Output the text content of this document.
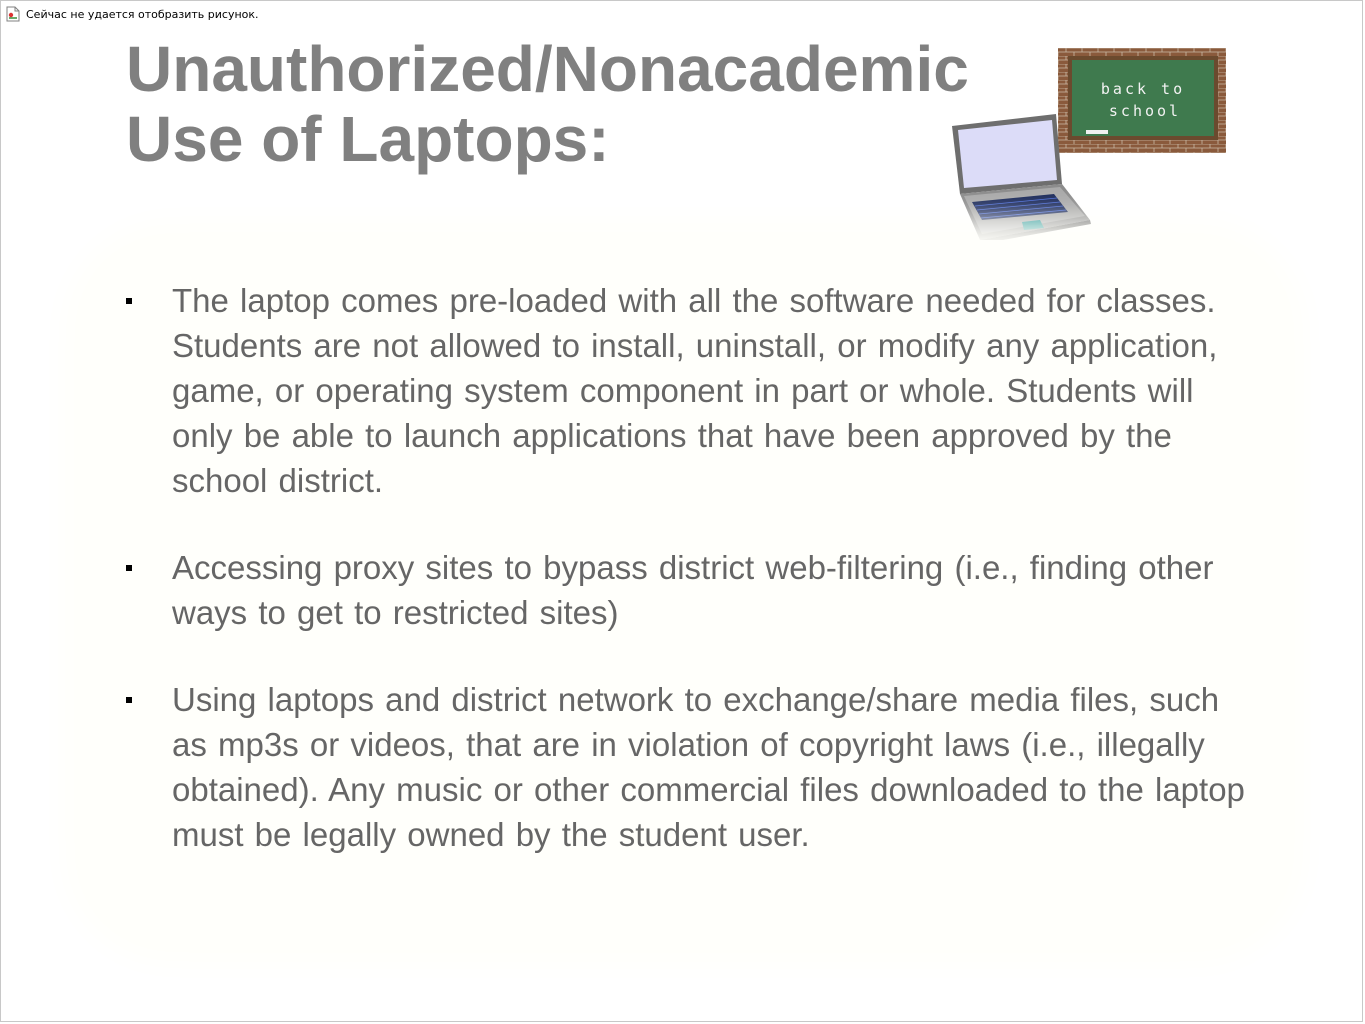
Сейчас не удается отобразить рисунок.
Unauthorized/Nonacademic
Use of Laptops:
back to
school
The laptop comes pre-loaded with all the software needed for classes. Students are not allowed to install, uninstall, or modify any application, game, or operating system component in part or whole. Students will only be able to launch applications that have been approved by the school district.
Accessing proxy sites to bypass district web-filtering (i.e., finding other ways to get to restricted sites)
Using laptops and district network to exchange/share media files, such as mp3s or videos, that are in violation of copyright laws (i.e., illegally obtained). Any music or other commercial files downloaded to the laptop must be legally owned by the student user.
